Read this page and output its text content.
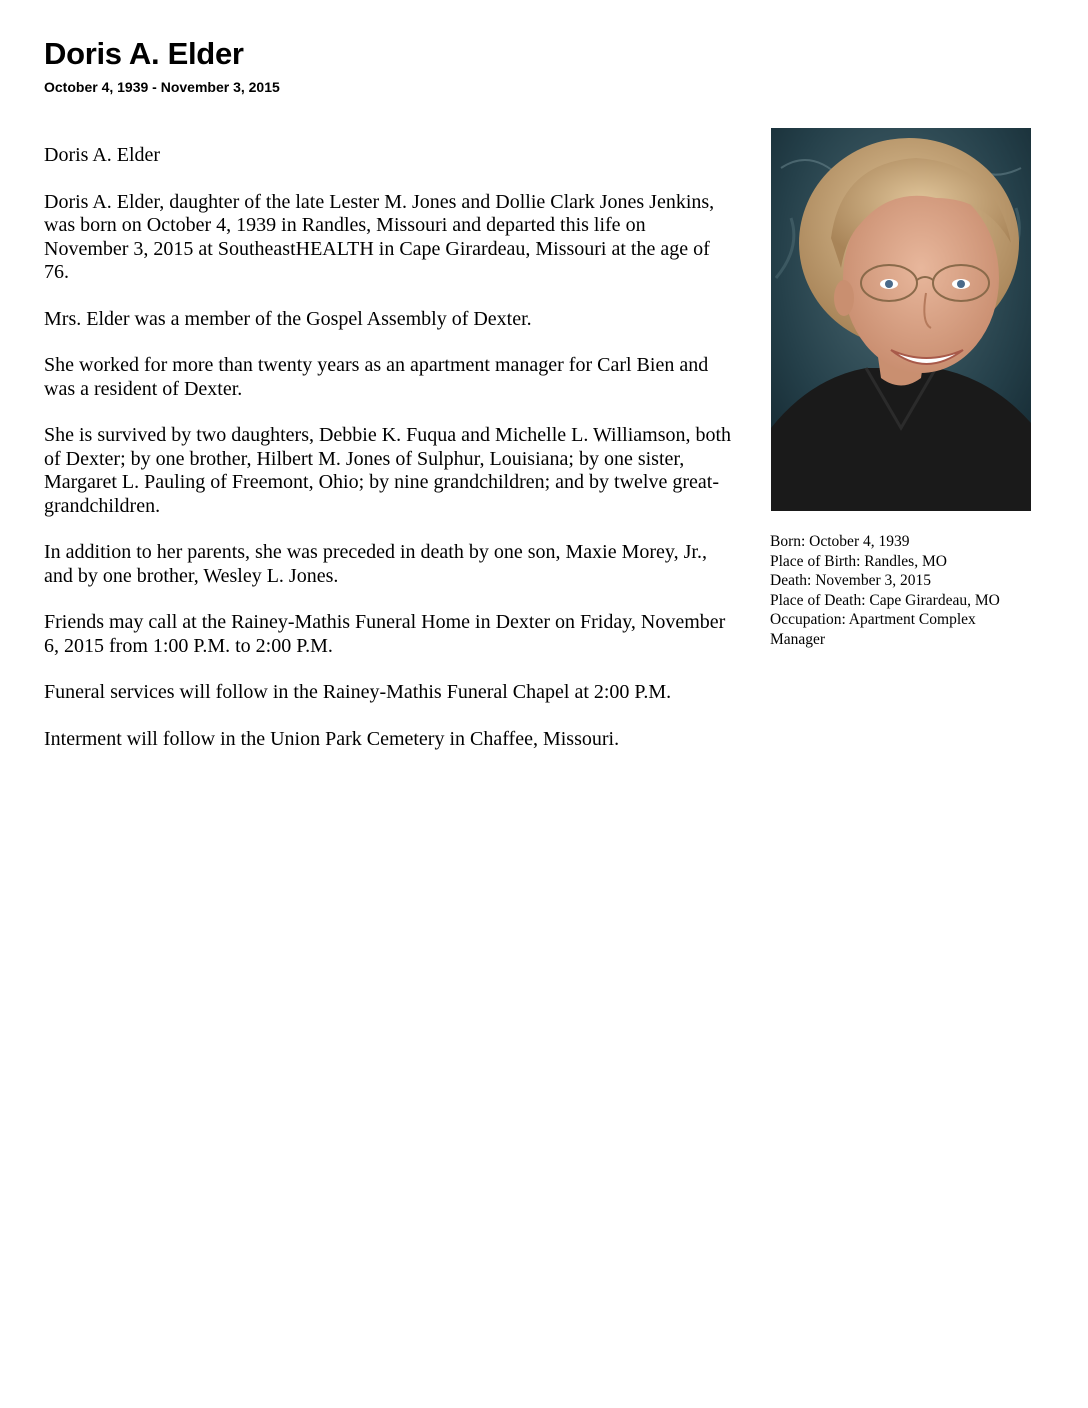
Doris A. Elder
October 4, 1939 - November 3, 2015

Doris A. Elder

Doris A. Elder, daughter of the late Lester M. Jones and Dollie Clark Jones Jenkins, was born on October 4, 1939 in Randles, Missouri and departed this life on November 3, 2015 at SoutheastHEALTH in Cape Girardeau, Missouri at the age of 76.

Mrs. Elder was a member of the Gospel Assembly of Dexter.

She worked for more than twenty years as an apartment manager for Carl Bien and was a resident of Dexter.

She is survived by two daughters, Debbie K. Fuqua and Michelle L. Williamson, both of Dexter; by one brother, Hilbert M. Jones of Sulphur, Louisiana; by one sister, Margaret L. Pauling of Freemont, Ohio; by nine grandchildren; and by twelve great-grandchildren.

In addition to her parents, she was preceded in death by one son, Maxie Morey, Jr., and by one brother, Wesley L. Jones.

Friends may call at the Rainey-Mathis Funeral Home in Dexter on Friday, November 6, 2015 from 1:00 P.M. to 2:00 P.M.

Funeral services will follow in the Rainey-Mathis Funeral Chapel at 2:00 P.M.

Interment will follow in the Union Park Cemetery in Chaffee, Missouri.

Born: October 4, 1939
Place of Birth: Randles, MO
Death: November 3, 2015
Place of Death: Cape Girardeau, MO
Occupation: Apartment Complex
Manager
